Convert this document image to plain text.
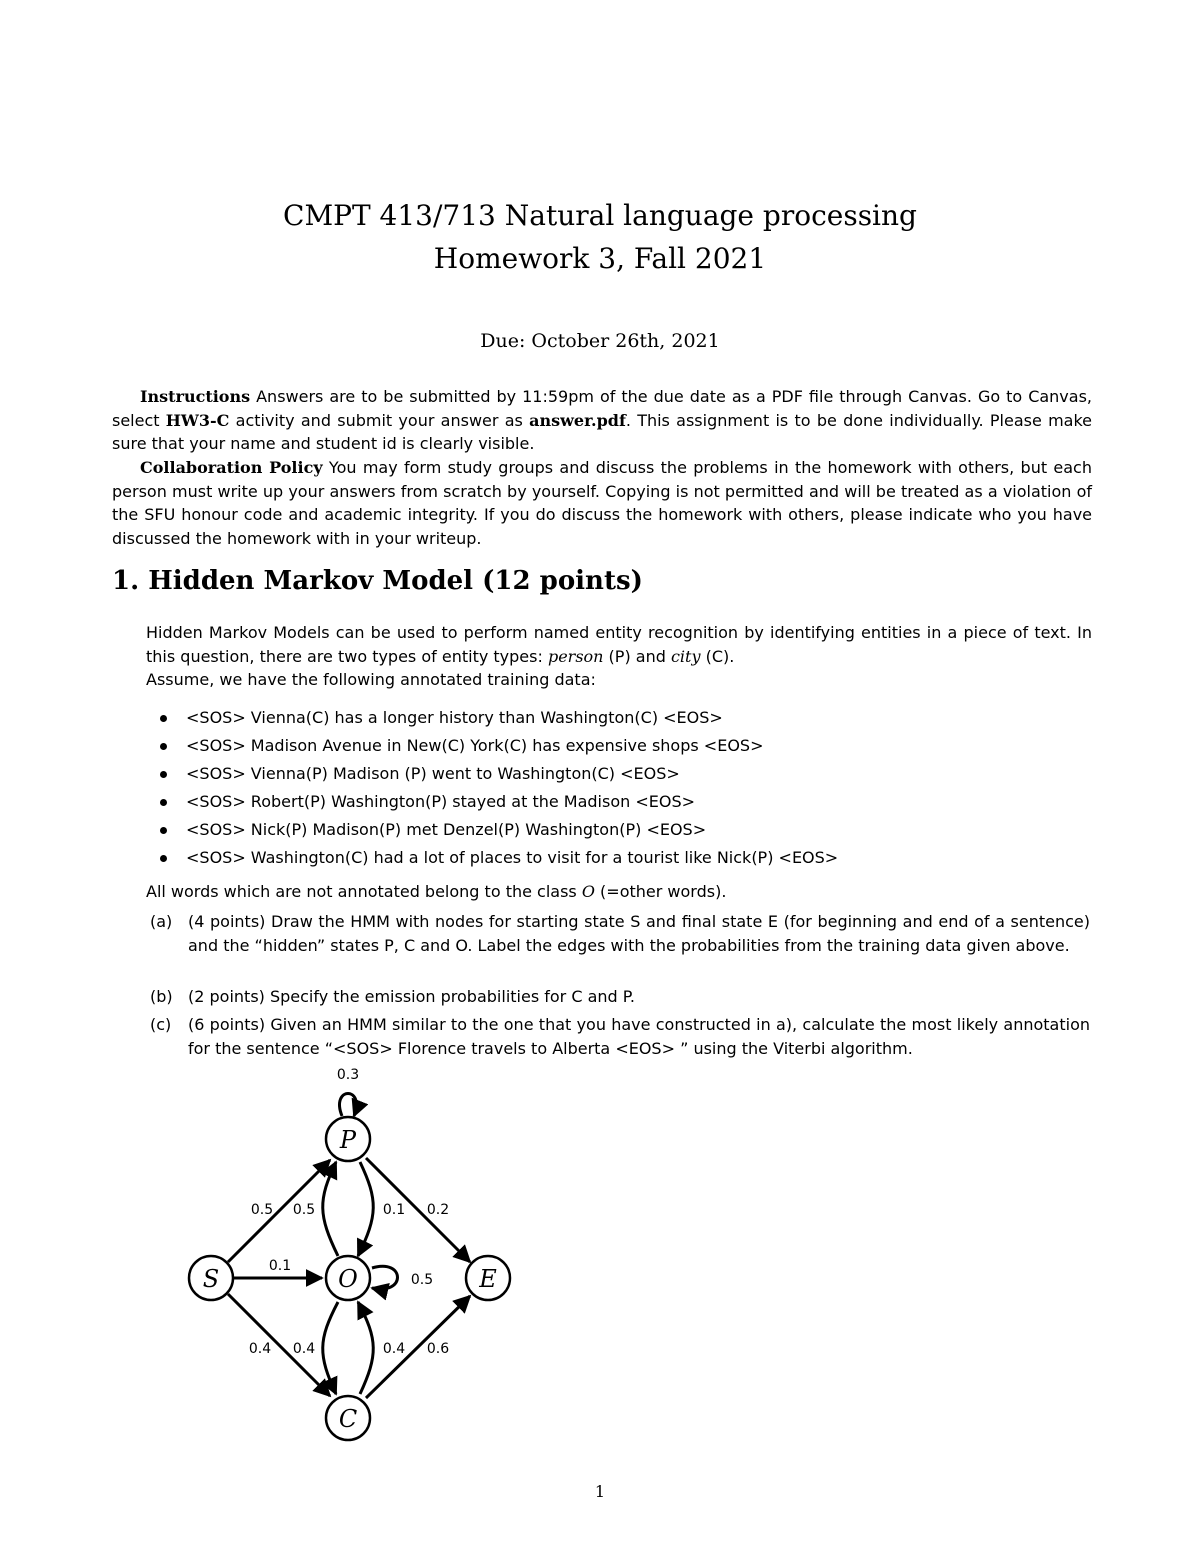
CMPT 413/713 Natural language processing
Homework 3, Fall 2021
Due: October 26th, 2021
Instructions Answers are to be submitted by 11:59pm of the due date as a PDF file through Canvas. Go to Canvas, select HW3-C activity and submit your answer as answer.pdf. This assignment is to be done individually. Please make sure that your name and student id is clearly visible.
Collaboration Policy You may form study groups and discuss the problems in the homework with others, but each person must write up your answers from scratch by yourself. Copying is not permitted and will be treated as a violation of the SFU honour code and academic integrity. If you do discuss the homework with others, please indicate who you have discussed the homework with in your writeup.
1. Hidden Markov Model (12 points)
Hidden Markov Models can be used to perform named entity recognition by identifying entities in a piece of text. In this question, there are two types of entity types: person (P) and city (C).
Assume, we have the following annotated training data:
<SOS> Vienna(C) has a longer history than Washington(C) <EOS>
<SOS> Madison Avenue in New(C) York(C) has expensive shops <EOS>
<SOS> Vienna(P) Madison (P) went to Washington(C) <EOS>
<SOS> Robert(P) Washington(P) stayed at the Madison <EOS>
<SOS> Nick(P) Madison(P) met Denzel(P) Washington(P) <EOS>
<SOS> Washington(C) had a lot of places to visit for a tourist like Nick(P) <EOS>
All words which are not annotated belong to the class O (=other words).
(a) (4 points) Draw the HMM with nodes for starting state S and final state E (for beginning and end of a sentence) and the “hidden” states P, C and O. Label the edges with the probabilities from the training data given above.
(b) (2 points) Specify the emission probabilities for C and P.
(c)	(6 points) Given an HMM similar to the one that you have constructed in a), calculate the most likely annotation for the sentence “<SOS> Florence travels to Alberta <EOS> ” using the Viterbi algorithm.
S
P
O	E
C
0.3
0.5 0.5	0.1 0.2
0.1
0.5
0.4 0.4	0.4 0.6
1
